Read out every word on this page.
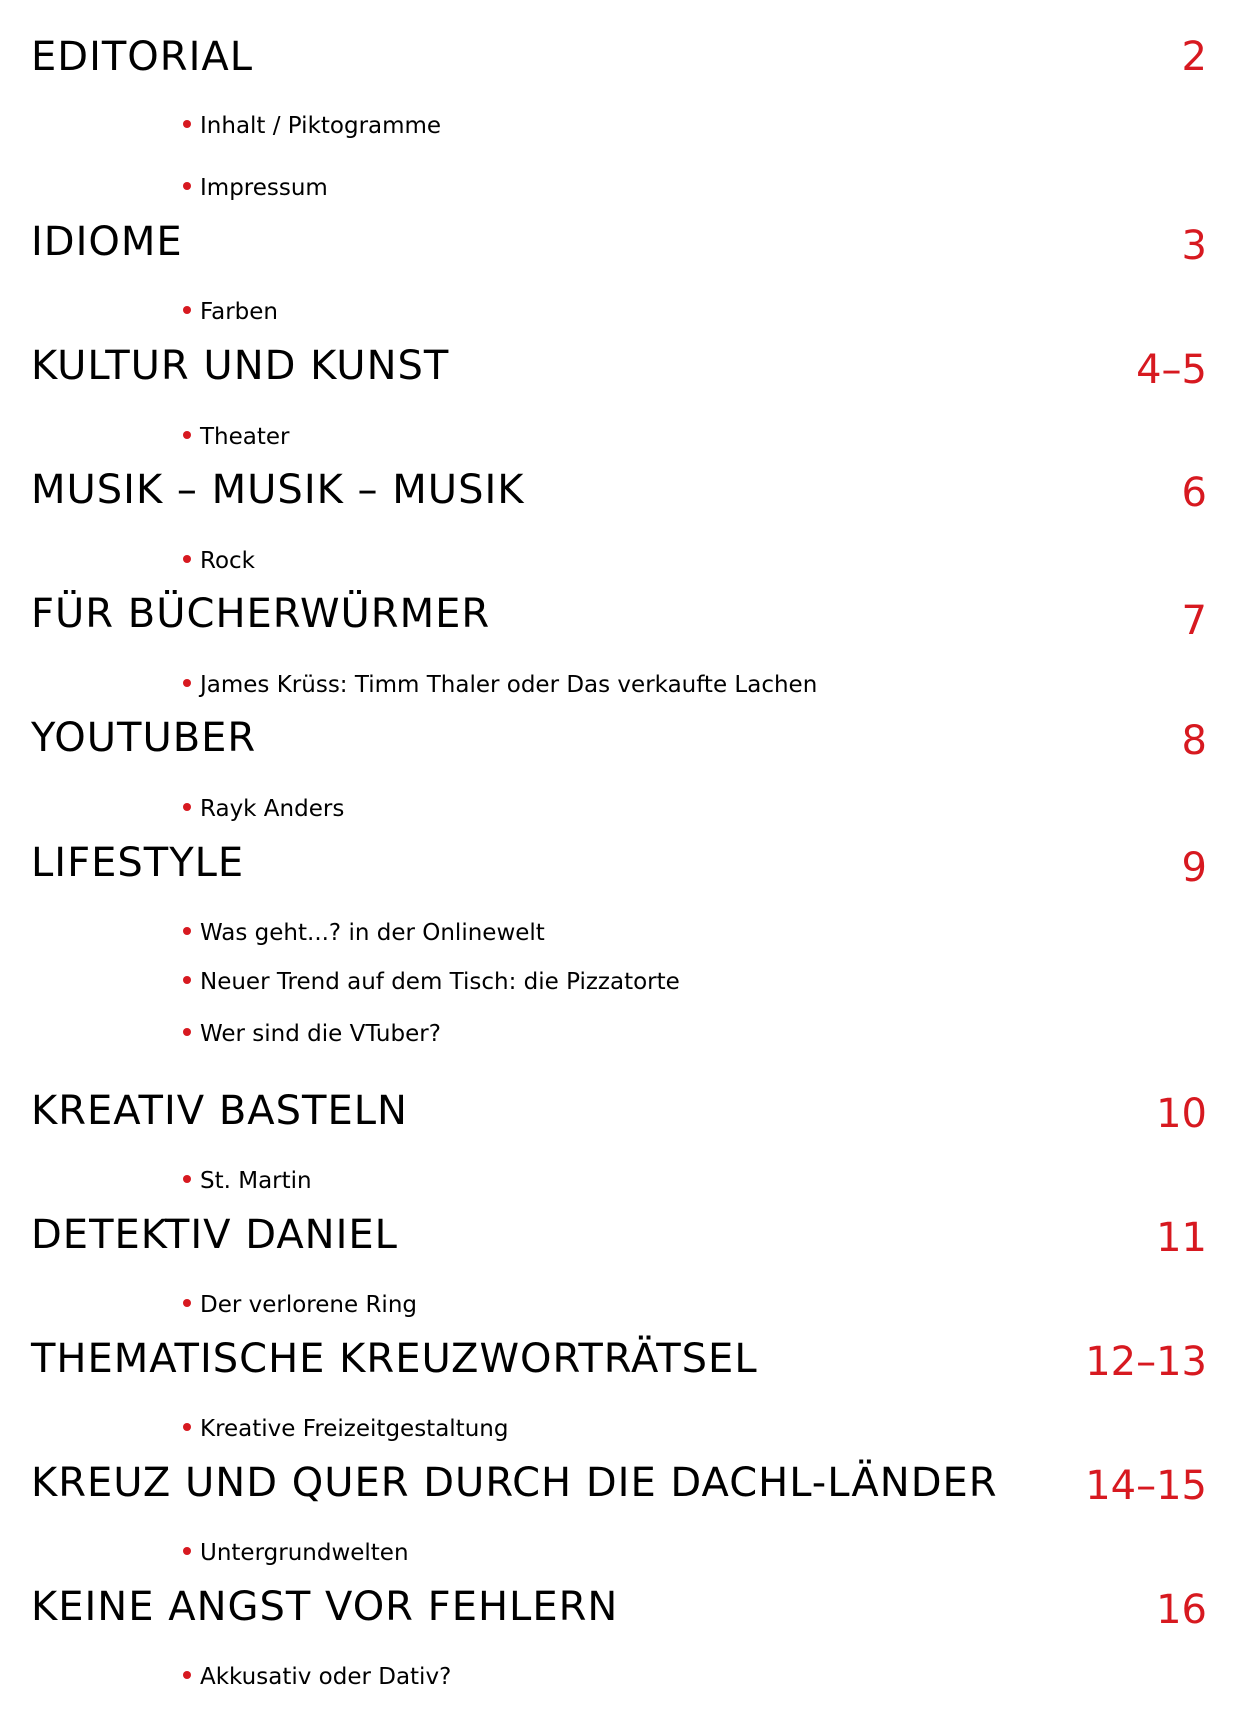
EDITORIAL	2
Inhalt / Piktogramme
Impressum
IDIOME	3
Farben
KULTUR UND KUNST	4–5
Theater
MUSIK – MUSIK – MUSIK	6
Rock
FÜR BÜCHERWÜRMER	7
James Krüss: Timm Thaler oder Das verkaufte Lachen
YOUTUBER	8
Rayk Anders
LIFESTYLE	9
Was geht...? in der Onlinewelt
Neuer Trend auf dem Tisch: die Pizzatorte
Wer sind die VTuber?
KREATIV BASTELN	10
St. Martin
DETEKTIV DANIEL	11
Der verlorene Ring
THEMATISCHE KREUZWORTRÄTSEL	12–13
Kreative Freizeitgestaltung
KREUZ UND QUER DURCH DIE DACHL-LÄNDER 14–15
Untergrundwelten
KEINE ANGST VOR FEHLERN	16
Akkusativ oder Dativ?
